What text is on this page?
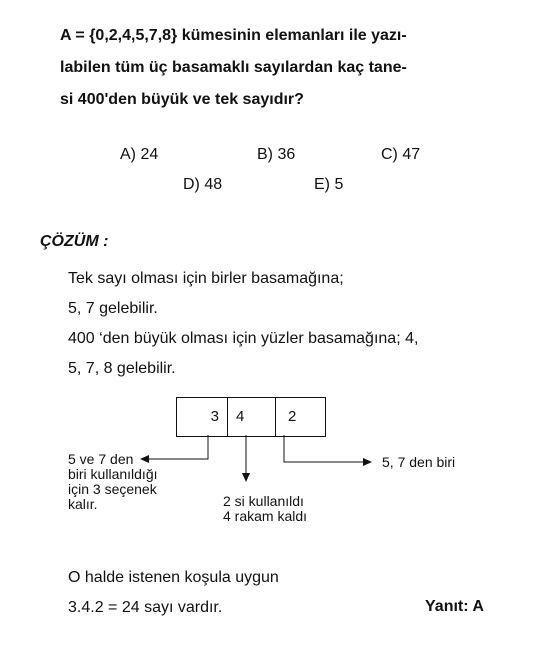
A = {0,2,4,5,7,8} kümesinin elemanları ile yazı-
labilen tüm üç basamaklı sayılardan kaç tane-
si 400'den büyük ve tek sayıdır?
A) 24	B) 36	C) 47
D) 48	E) 5
ÇÖZÜM :
Tek sayı olması için birler basamağına;
5, 7 gelebilir.
400 ‘den büyük olması için yüzler basamağına; 4,
5, 7, 8 gelebilir.
3	4	2
5 ve 7 den
biri kullanıldığı
için 3 seçenek
kalır.	2 si kullanıldı
4 rakam kaldı
5, 7 den biri
O halde istenen koşula uygun
3.4.2 = 24 sayı vardır.	Yanıt: A
